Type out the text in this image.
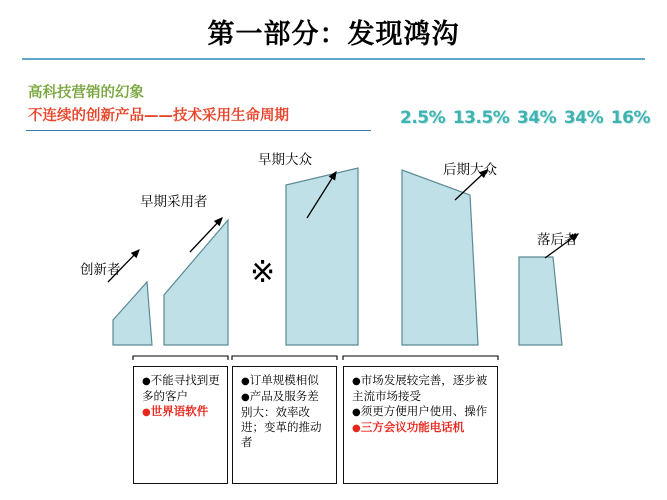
第一部分：发现鸿沟
高科技营销的幻象
不连续的创新产品——技术采用生命周期	2.5% 13.5% 34% 34% 16%
创新者
早期采用者
早期大众
后期大众
落后者
※
●不能寻找到更多的客户
●世界语软件
●订单规模相似
●产品及服务差别大：效率改进；变革的推动者
●市场发展较完善，逐步被主流市场接受
●须更方便用户使用、操作
●三方会议功能电话机
